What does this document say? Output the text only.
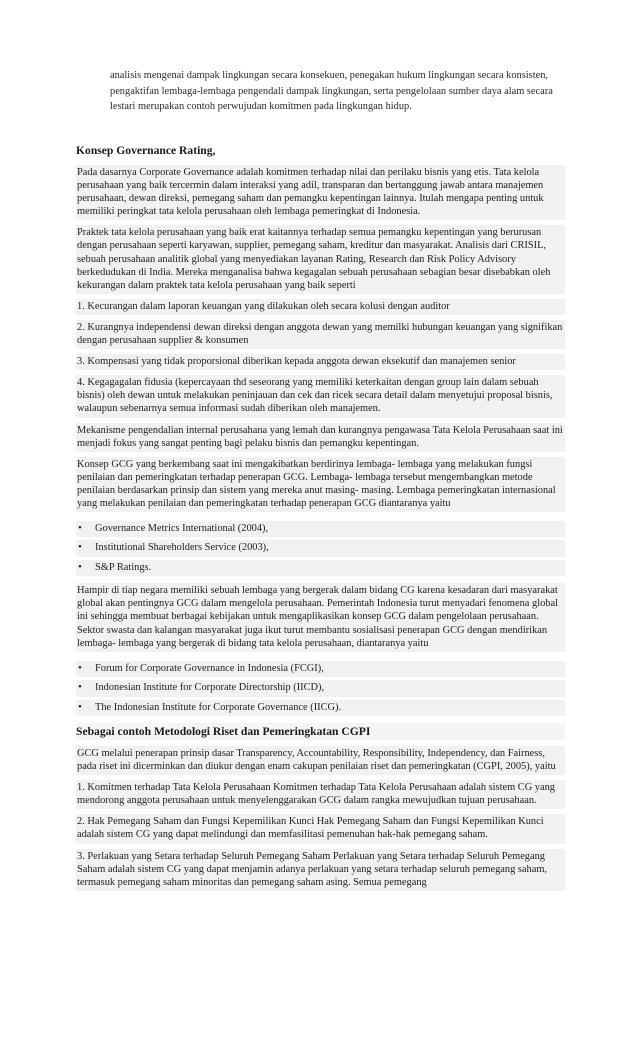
analisis mengenai dampak lingkungan secara konsekuen, penegakan hukum lingkungan secara konsisten, pengaktifan lembaga-lembaga pengendali dampak lingkungan, serta pengelolaan sumber daya alam secara lestari merupakan contoh perwujudan komitmen pada lingkungan hidup.
Konsep Governance Rating,
Pada dasarnya Corporate Governance adalah komitmen terhadap nilai dan perilaku bisnis yang etis. Tata kelola perusahaan yang baik tercermin dalam interaksi yang adil, transparan dan bertanggung jawab antara manajemen perusahaan, dewan direksi, pemegang saham dan pemangku kepentingan lainnya. Itulah mengapa penting untuk memiliki peringkat tata kelola perusahaan oleh lembaga pemeringkat di Indonesia.
Praktek tata kelola perusahaan yang baik erat kaitannya terhadap semua pemangku kepentingan yang berurusan dengan perusahaan seperti karyawan, supplier, pemegang saham, kreditur dan masyarakat. Analisis dari CRISIL, sebuah perusahaan analitik global yang menyediakan layanan Rating, Research dan Risk Policy Advisory berkedudukan di India. Mereka menganalisa bahwa kegagalan sebuah perusahaan sebagian besar disebabkan oleh kekurangan dalam praktek tata kelola perusahaan yang baik seperti
1. Kecurangan dalam laporan keuangan yang dilakukan oleh secara kolusi dengan auditor
2. Kurangnya independensi dewan direksi dengan anggota dewan yang memilki hubungan keuangan yang signifikan dengan perusahaan supplier & konsumen
3. Kompensasi yang tidak proporsional diberikan kepada anggota dewan eksekutif dan manajemen senior
4. Kegagagalan fidusia (kepercayaan thd seseorang yang memiliki keterkaitan dengan group lain dalam sebuah bisnis) oleh dewan untuk melakukan peninjauan dan cek dan ricek secara detail dalam menyetujui proposal bisnis, walaupun sebenarnya semua informasi sudah diberikan oleh manajemen.
Mekanisme pengendalian internal perusahana yang lemah dan kurangnya pengawasa Tata Kelola Perusahaan saat ini menjadi fokus yang sangat penting bagi pelaku bisnis dan pemangku kepentingan.
Konsep GCG yang berkembang saat ini mengakibatkan berdirinya lembaga- lembaga yang melakukan fungsi penilaian dan pemeringkatan terhadap penerapan GCG. Lembaga- lembaga tersebut mengembangkan metode penilaian berdasarkan prinsip dan sistem yang mereka anut masing- masing. Lembaga pemeringkatan internasional yang melakukan penilaian dan pemeringkatan terhadap penerapan GCG diantaranya yaitu
• Governance Metrics International (2004),
• Institutional Shareholders Service (2003),
• S&P Ratings.
Hampir di tiap negara memiliki sebuah lembaga yang bergerak dalam bidang CG karena kesadaran dari masyarakat global akan pentingnya GCG dalam mengelola perusahaan. Pemerintah Indonesia turut menyadari fenomena global ini sehingga membuat berbagai kebijakan untuk mengaplikasikan konsep GCG dalam pengelolaan perusahaan. Sektor swasta dan kalangan masyarakat juga ikut turut membantu sosialisasi penerapan GCG dengan mendirikan lembaga- lembaga yang bergerak di bidang tata kelola perusahaan, diantaranya yaitu
• Forum for Corporate Governance in Indonesia (FCGI),
• Indonesian Institute for Corporate Directorship (IICD),
• The Indonesian Institute for Corporate Governance (IICG).
Sebagai contoh Metodologi Riset dan Pemeringkatan CGPI
GCG melalui penerapan prinsip dasar Transparency, Accountability, Responsibility, Independency, dan Fairness, pada riset ini dicerminkan dan diukur dengan enam cakupan penilaian riset dan pemeringkatan (CGPI, 2005), yaitu
1. Komitmen terhadap Tata Kelola Perusahaan Komitmen terhadap Tata Kelola Perusahaan adalah sistem CG yang mendorong anggota perusahaan untuk menyelenggarakan GCG dalam rangka mewujudkan tujuan perusahaan.
2. Hak Pemegang Saham dan Fungsi Kepemilikan Kunci Hak Pemegang Saham dan Fungsi Kepemilikan Kunci adalah sistem CG yang dapat melindungi dan memfasilitasi pemenuhan hak-hak pemegang saham.
3. Perlakuan yang Setara terhadap Seluruh Pemegang Saham Perlakuan yang Setara terhadap Seluruh Pemegang Saham adalah sistem CG yang dapat menjamin adanya perlakuan yang setara terhadap seluruh pemegang saham, termasuk pemegang saham minoritas dan pemegang saham asing. Semua pemegang
